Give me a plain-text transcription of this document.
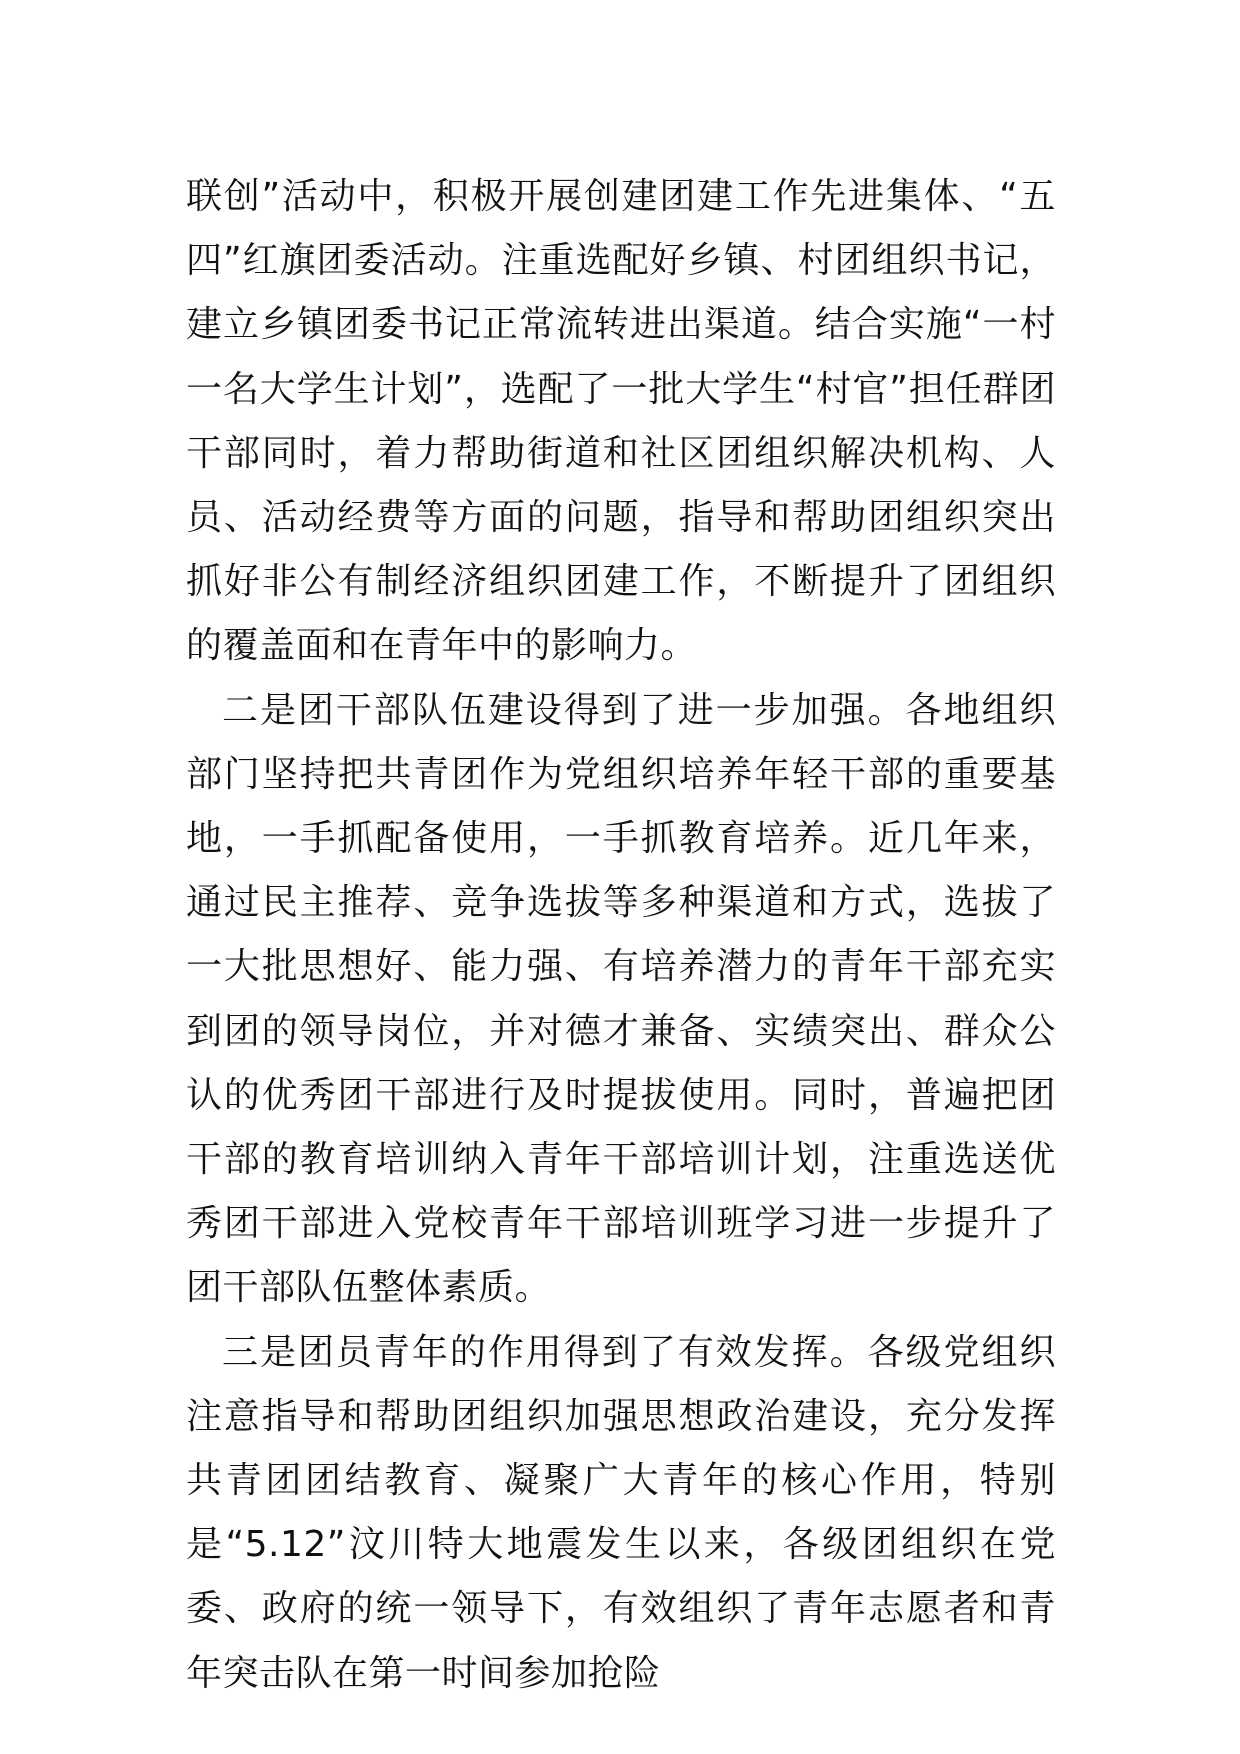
联创”活动中，积极开展创建团建工作先进集体、“五四”红旗团委活动。注重选配好乡镇、村团组织书记，建立乡镇团委书记正常流转进出渠道。结合实施“一村一名大学生计划”，选配了一批大学生“村官”担任群团干部同时，着力帮助街道和社区团组织解决机构、人员、活动经费等方面的问题，指导和帮助团组织突出抓好非公有制经济组织团建工作，不断提升了团组织的覆盖面和在青年中的影响力。

二是团干部队伍建设得到了进一步加强。各地组织部门坚持把共青团作为党组织培养年轻干部的重要基地，一手抓配备使用，一手抓教育培养。近几年来，通过民主推荐、竞争选拔等多种渠道和方式，选拔了一大批思想好、能力强、有培养潜力的青年干部充实到团的领导岗位，并对德才兼备、实绩突出、群众公认的优秀团干部进行及时提拔使用。同时，普遍把团干部的教育培训纳入青年干部培训计划，注重选送优秀团干部进入党校青年干部培训班学习进一步提升了团干部队伍整体素质。

三是团员青年的作用得到了有效发挥。各级党组织注意指导和帮助团组织加强思想政治建设，充分发挥共青团团结教育、凝聚广大青年的核心作用，特别是“5.12”汶川特大地震发生以来，各级团组织在党委、政府的统一领导下，有效组织了青年志愿者和青年突击队在第一时间参加抢险
